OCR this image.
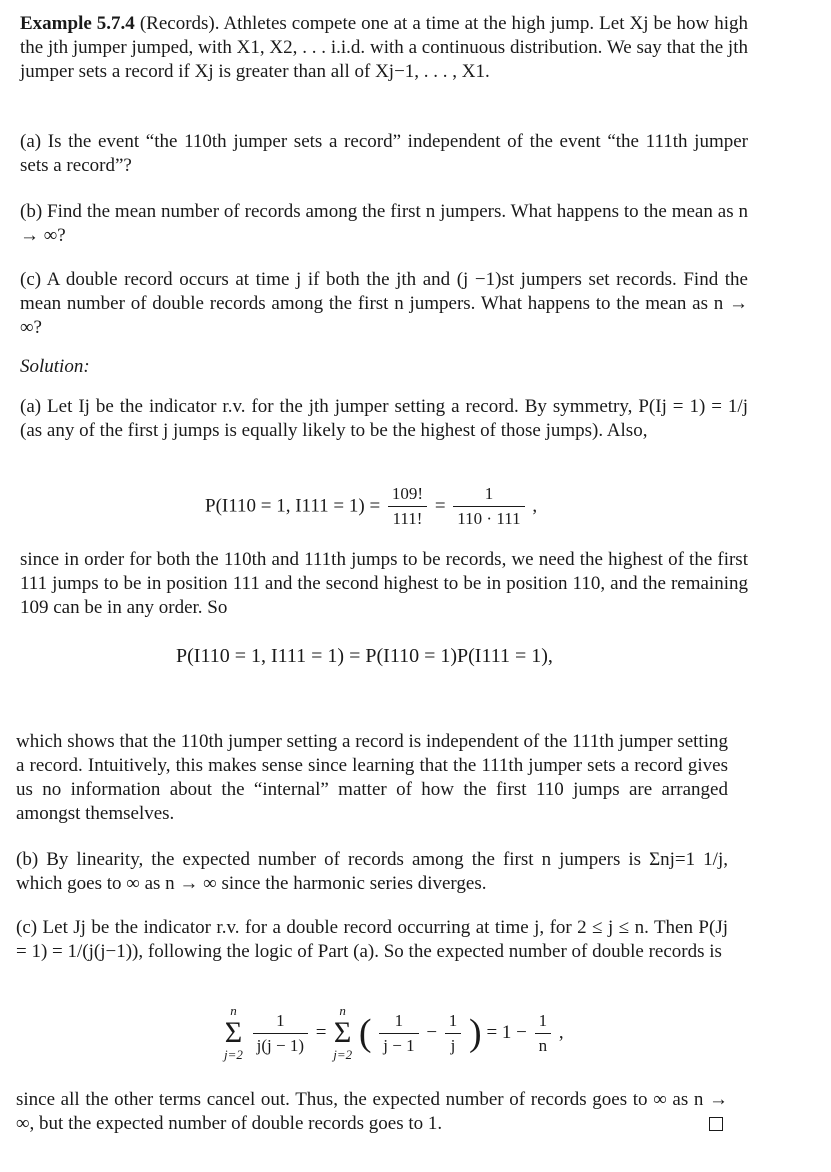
Example 5.7.4 (Records). Athletes compete one at a time at the high jump. Let Xj be how high the jth jumper jumped, with X1, X2, . . . i.i.d. with a continuous distribution. We say that the jth jumper sets a record if Xj is greater than all of Xj−1, . . . , X1.
(a) Is the event “the 110th jumper sets a record” independent of the event “the 111th jumper sets a record”?
(b) Find the mean number of records among the first n jumpers. What happens to the mean as n → ∞?
(c) A double record occurs at time j if both the jth and (j −1)st jumpers set records. Find the mean number of double records among the first n jumpers. What happens to the mean as n → ∞?
Solution:
(a) Let Ij be the indicator r.v. for the jth jumper setting a record. By symmetry, P(Ij = 1) = 1/j (as any of the first j jumps is equally likely to be the highest of those jumps). Also,
P(I110 = 1, $I111 = 1) = \frac{109!}{111!} = \frac{1}{110 \cdot 111}$ ,
since in order for both the 110th and 111th jumps to be records, we need the highest of the first 111 jumps to be in position 111 and the second highest to be in position 110, and the remaining 109 can be in any order. So
P(I110 = 1, I111 = 1) = P(I110 = 1)P(I111 = 1),
which shows that the 110th jumper setting a record is independent of the 111th jumper setting a record. Intuitively, this makes sense since learning that the 111th jumper sets a record gives us no information about the “internal” matter of how the first 110 jumps are arranged amongst themselves.
(b) By linearity, the expected number of records among the first n jumpers is Σnj=1 1/j, which goes to ∞ as n → ∞ since the harmonic series diverges.
(c) Let Jj be the indicator r.v. for a double record occurring at time j, for 2 ≤ j ≤ n. Then P(Jj = 1) = 1/(j(j−1)), following the logic of Part (a). So the expected number of double records is
n
Σ
j=2
$\frac{1}{j(j - 1)}$ =
n
Σ
j=2
( $\frac{1}{j - 1} - \frac{1}{j}$ ) = $1 - \frac{1}{n}$ ,
since all the other terms cancel out. Thus, the expected number of records goes to ∞ as n → ∞, but the expected number of double records goes to 1.
